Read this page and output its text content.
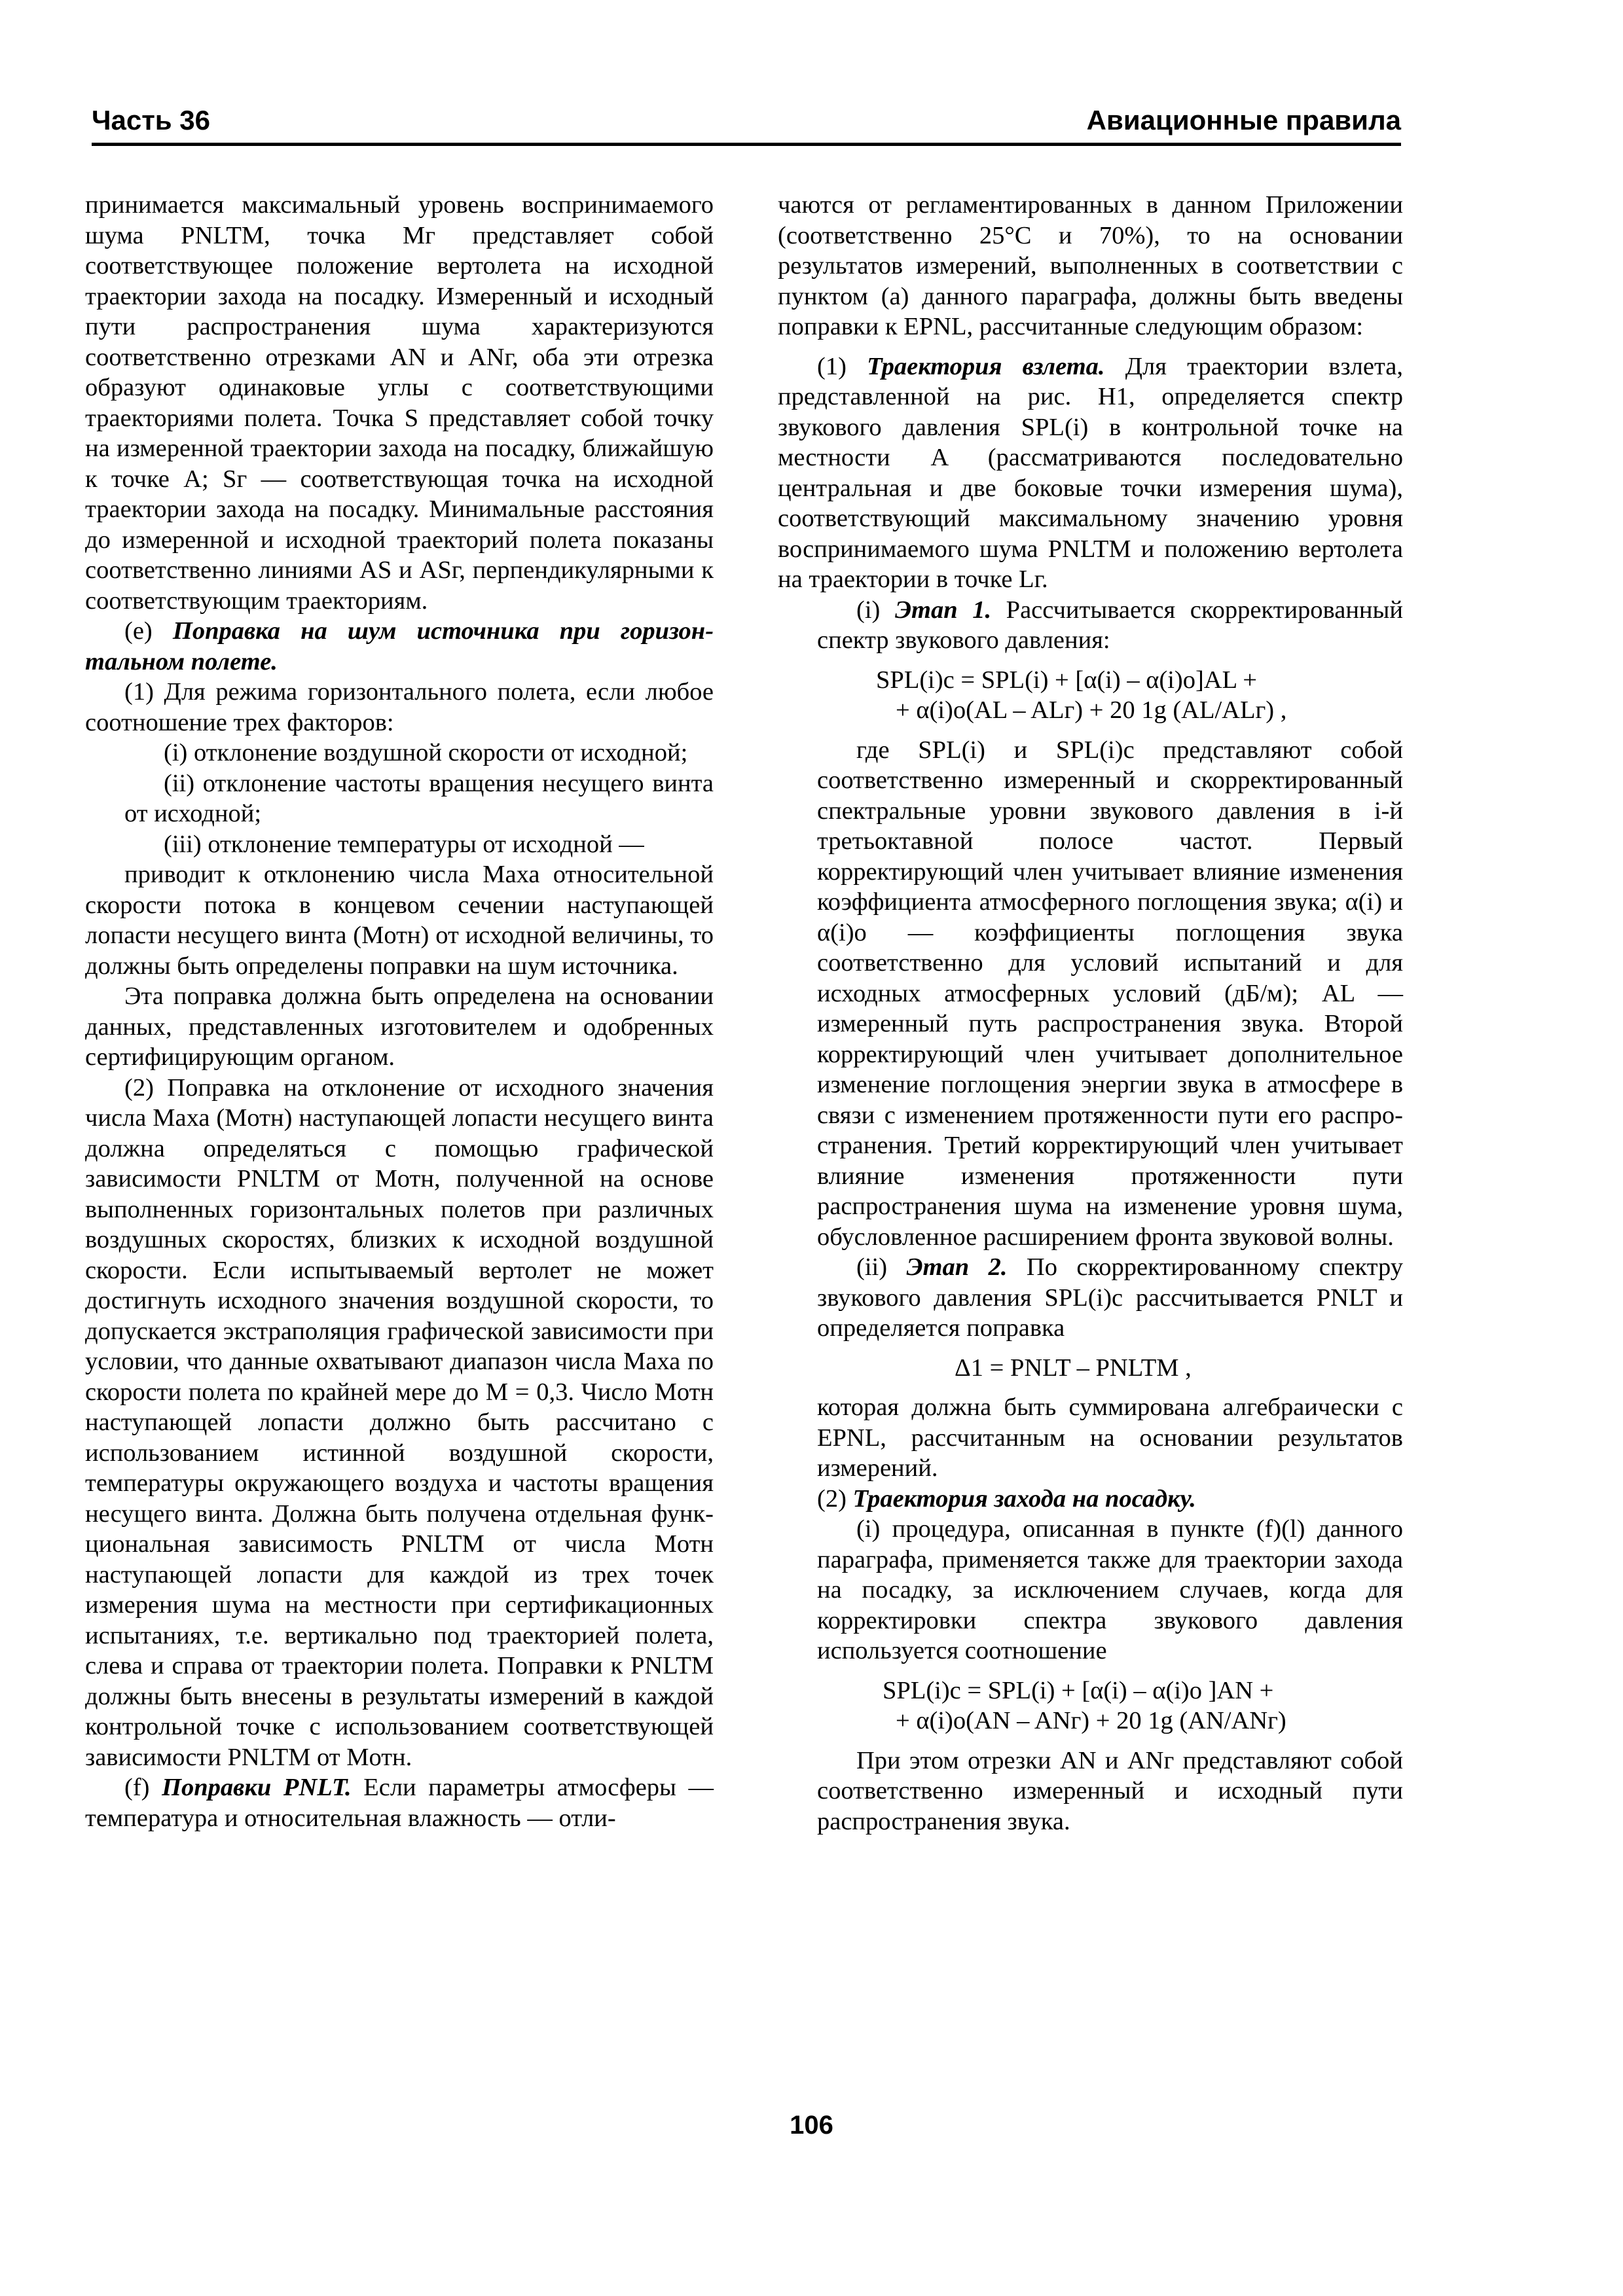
Часть 36	Авиационные правила

принимается максимальный уровень воспринимаемого шума PNLTM, точка Mг представляет собой соответствующее положение вертолета на исходной траектории захода на посадку. Измеренный и исходный пути распространения шума характеризуются соответственно отрезками AN и ANг, оба эти отрезка образуют одинаковые углы с соответствующими траекториями полета. Точка S представляет собой точку на измеренной траектории захода на посадку, ближайшую к точке A; Sг — соответствующая точка на исходной траектории захода на посадку. Минимальные расстояния до измеренной и исходной траекторий полета показаны соответственно линиями AS и ASг, перпендикулярными к соответствующим траекториям.

(e) Поправка на шум источника при горизонтальном полете.

(1) Для режима горизонтального полета, если любое соотношение трех факторов:

(i) отклонение воздушной скорости от исходной;

(ii) отклонение частоты вращения несущего винта от исходной;

(iii) отклонение температуры от исходной —

приводит к отклонению числа Маха относительной скорости потока в концевом сечении наступающей лопасти несущего винта (Mотн) от исходной величины, то должны быть определены поправки на шум источника.

Эта поправка должна быть определена на основании данных, представленных изготовителем и одобренных сертифицирующим органом.

(2) Поправка на отклонение от исходного значения числа Маха (Mотн) наступающей лопасти несущего винта должна определяться с помощью графической зависимости PNLTM от Mотн, полученной на основе выполненных горизонтальных полетов при различных воздушных скоростях, близких к исходной воздушной скорости. Если испытываемый вертолет не может достигнуть исходного значения воздушной скорости, то допускается экстраполяция графической зависимости при условии, что данные охватывают диапазон числа Маха по скорости полета по крайней мере до M = 0,3. Число Mотн наступающей лопасти должно быть рассчитано с использованием истинной воздушной скорости, температуры окружающего воздуха и частоты вращения несущего винта. Должна быть получена отдельная функциональная зависимость PNLTM от числа Mотн наступающей лопасти для каждой из трех точек измерения шума на местности при сертификационных испытаниях, т.е. вертикально под траекторией полета, слева и справа от траектории полета. Поправки к PNLTM должны быть внесены в результаты измерений в каждой контрольной точке с использованием соответствующей зависимости PNLTM от Mотн.

(f) Поправки PNLT. Если параметры атмосферы — температура и относительная влажность — отли-

чаются от регламентированных в данном Приложении (соответственно 25°C и 70%), то на основании результатов измерений, выполненных в соответствии с пунктом (a) данного параграфа, должны быть введены поправки к EPNL, рассчитанные следующим образом:

(1) Траектория взлета. Для траектории взлета, представленной на рис. H1, определяется спектр звукового давления SPL(i) в контрольной точке на местности A (рассматриваются последовательно центральная и две боковые точки измерения шума), соответствующий максимальному значению уровня воспринимаемого шума PNLTM и положению вертолета на траектории в точке Lг.

(i) Этап 1. Рассчитывается скорректированный спектр звукового давления:

SPL(i)c = SPL(i) + [α(i) – α(i)o]AL +
+ α(i)o(AL – ALг) + 20 1g (AL/ALг) ,

где SPL(i) и SPL(i)c представляют собой соответственно измеренный и скорректированный спектральные уровни звукового давления в i-й третьоктавной полосе частот. Первый корректирующий член учитывает влияние изменения коэффициента атмосферного поглощения звука; α(i) и α(i)o — коэффициенты поглощения звука соответственно для условий испытаний и для исходных атмосферных условий (дБ/м); AL — измеренный путь распространения звука. Второй корректирующий член учитывает дополнительное изменение поглощения энергии звука в атмосфере в связи с изменением протяженности пути его распространения. Третий корректирующий член учитывает влияние изменения протяженности пути распространения шума на изменение уровня шума, обусловленное расширением фронта звуковой волны.

(ii) Этап 2. По скорректированному спектру звукового давления SPL(i)c рассчитывается PNLT и определяется поправка

Δ1 = PNLT – PNLTM ,

которая должна быть суммирована алгебраически с EPNL, рассчитанным на основании результатов измерений.

(2) Траектория захода на посадку.

(i) процедура, описанная в пункте (f)(l) данного параграфа, применяется также для траектории захода на посадку, за исключением случаев, когда для корректировки спектра звукового давления используется соотношение

SPL(i)c = SPL(i) + [α(i) – α(i)o ]AN +
+ α(i)o(AN – ANг) + 20 1g (AN/ANг)

При этом отрезки AN и ANг представляют собой соответственно измеренный и исходный пути распространения звука.

106
